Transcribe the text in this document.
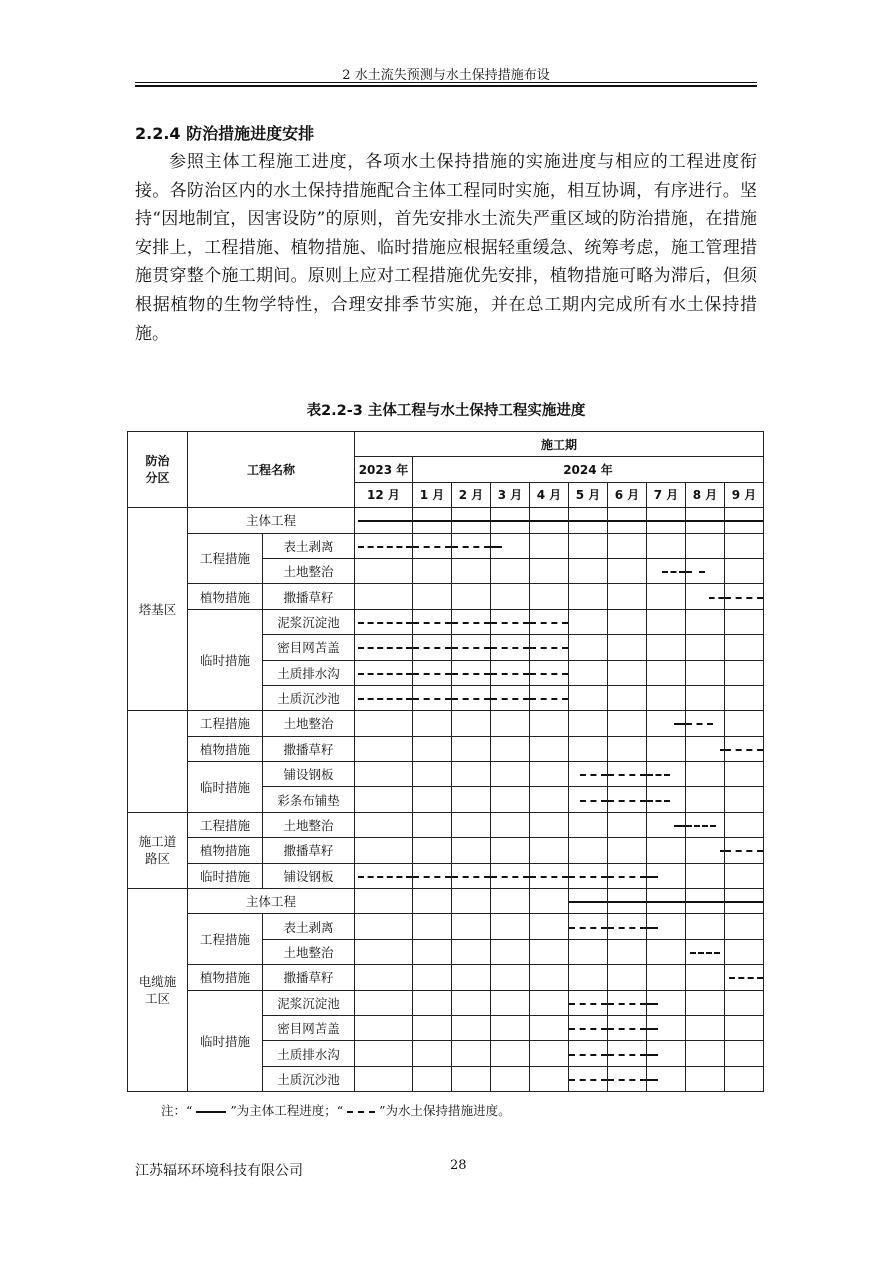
2 水土流失预测与水土保持措施布设
2.2.4 防治措施进度安排
参照主体工程施工进度，各项水土保持措施的实施进度与相应的工程进度衔接。各防治区内的水土保持措施配合主体工程同时实施，相互协调，有序进行。坚持“因地制宜，因害设防”的原则，首先安排水土流失严重区域的防治措施，在措施安排上，工程措施、植物措施、临时措施应根据轻重缓急、统筹考虑，施工管理措施贯穿整个施工期间。原则上应对工程措施优先安排，植物措施可略为滞后，但须根据植物的生物学特性，合理安排季节实施，并在总工期内完成所有水土保持措施。
表2.2-3 主体工程与水土保持工程实施进度
防治分区	工程名称		施工期									
			2023 年	2024 年								
			12 月	1 月	2 月	3 月	4 月	5 月	6 月	7 月	8 月	9 月
塔基区	主体工程		

	工程措施	表土剥离	

		土地整治								

	植物措施	撒播草籽									

	临时措施	泥浆沉淀池	

		密目网苫盖	

		土质排水沟	

		土质沉沙池	

	工程措施	土地整治								

	植物措施	撒播草籽									

	临时措施	铺设钢板						

		彩条布铺垫						

施工道路区	工程措施	土地整治								

	植物措施	撒播草籽									

	临时措施	铺设钢板	

电缆施工区	主体工程							

	工程措施	表土剥离						

		土地整治									

	植物措施	撒播草籽										

	临时措施	泥浆沉淀池						

		密目网苫盖						

		土质排水沟						

		土质沉沙池						

注：“	”为主体工程进度；“	”为水土保持措施进度。
江苏辐环环境科技有限公司	28
